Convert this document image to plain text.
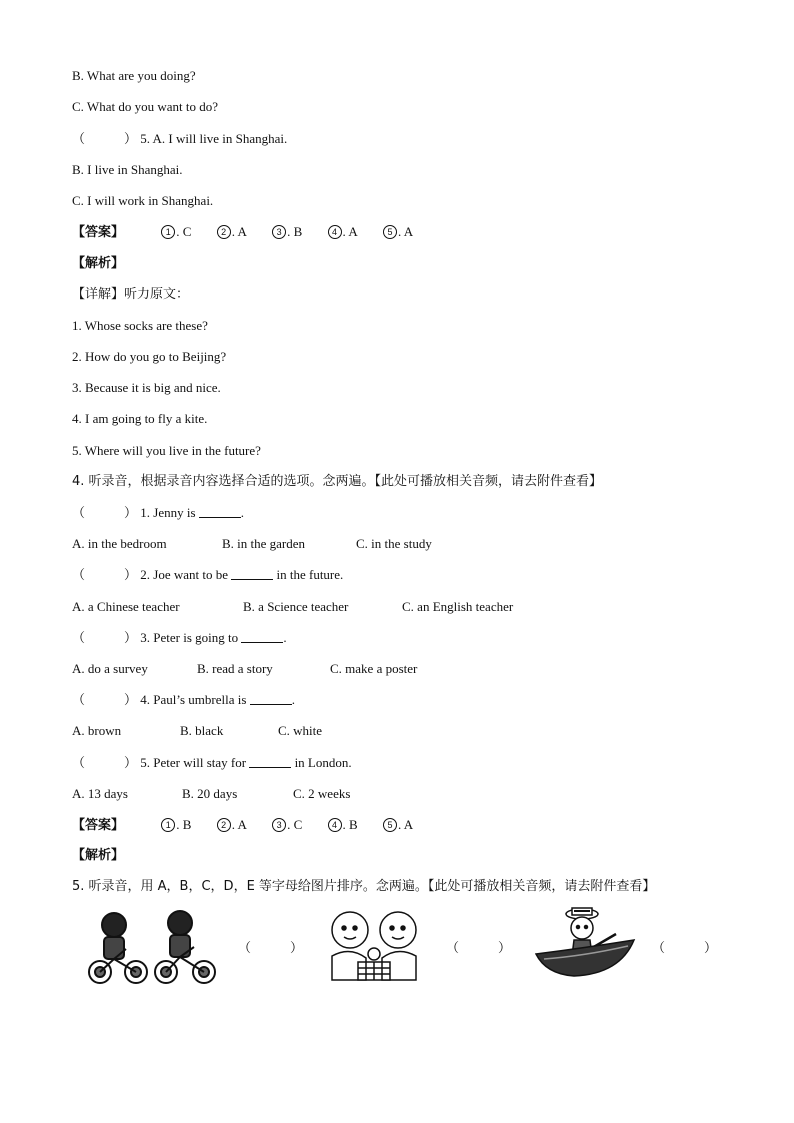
B. What are you doing?
C. What do you want to do?
（　　　） 5. A. I will live in Shanghai.
B. I live in Shanghai.
C. I will work in Shanghai.
【答案】	1 . C	2 . A	3 . B	4 . A	5 . A
【解析】
【详解】听力原文：
1. Whose socks are these?
2. How do you go to Beijing?
3. Because it is big and nice.
4. I am going to fly a kite.
5. Where will you live in the future?
4. 听录音，根据录音内容选择合适的选项。念两遍。【此处可播放相关音频，请去附件查看】
（　　　） 1. Jenny is	.
A. in the bedroom	B. in the garden	C. in the study
（　　　） 2. Joe want to be	in the future.
A. a Chinese teacher	B. a Science teacher	C. an English teacher
（　　　） 3. Peter is going to	.
A. do a survey	B. read a story	C. make a poster
（　　　） 4. Paul’s umbrella is	.
A. brown	B. black	C. white
（　　　） 5. Peter will stay for	in London.
A. 13 days	B. 20 days	C. 2 weeks
【答案】	1 . B	2 . A	3 . C	4 . B	5 . A
【解析】
5. 听录音，用 A，B，C，D，E 等字母给图片排序。念两遍。【此处可播放相关音频，请去附件查看】
（　　　）	（　　　）	（　　　）
